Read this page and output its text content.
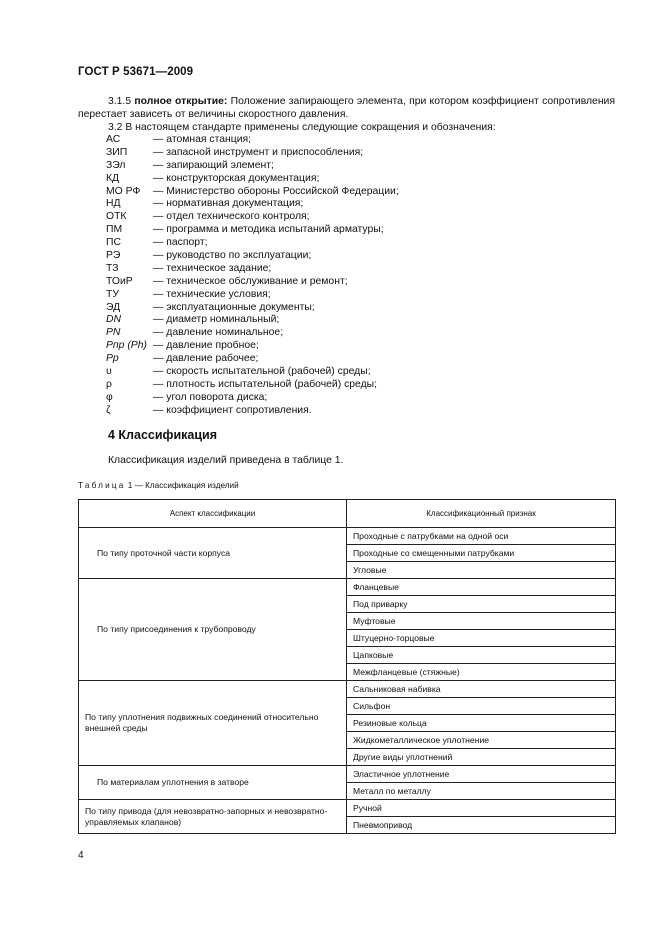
ГОСТ Р 53671—2009
3.1.5 полное открытие: Положение запирающего элемента, при котором коэффициент сопротивления перестает зависеть от величины скоростного давления.
3.2 В настоящем стандарте применены следующие сокращения и обозначения:
АС	— атомная станция;
ЗИП — запасной инструмент и приспособления;
ЗЭл	— запирающий элемент;
КД	— конструкторская документация;
МО РФ — Министерство обороны Российской Федерации;
НД	— нормативная документация;
ОТК	— отдел технического контроля;
ПМ	— программа и методика испытаний арматуры;
ПС	— паспорт;
РЭ	— руководство по эксплуатации;
ТЗ	— техническое задание;
ТОиР — техническое обслуживание и ремонт;
ТУ	— технические условия;
ЭД	— эксплуатационные документы;
DN	— диаметр номинальный;
PN	— давление номинальное;
Pпр (Ph) — давление пробное;
Pр	— давление рабочее;
υ	— скорость испытательной (рабочей) среды;
ρ	— плотность испытательной (рабочей) среды;
φ	— угол поворота диска;
ζ	— коэффициент сопротивления.
4 Классификация
Классификация изделий приведена в таблице 1.
Таблица 1 — Классификация изделий
Аспект классификации	Классификационный признак
По типу проточной части корпуса	Проходные с патрубками на одной оси
	Проходные со смещенными патрубками
	Угловые
По типу присоединения к трубопроводу	Фланцевые
	Под приварку
	Муфтовые
	Штуцерно-торцовые
	Цапковые
	Межфланцевые (стяжные)
По типу уплотнения подвижных соединений относительно внешней среды	Сальниковая набивка
	Сильфон
	Резиновые кольца
	Жидкометаллическое уплотнение
	Другие виды уплотнений
По материалам уплотнения в затворе	Эластичное уплотнение
	Металл по металлу
По типу привода (для невозвратно-запорных и невозвратно-управляемых клапанов)	Ручной
	Пневмопривод
4
